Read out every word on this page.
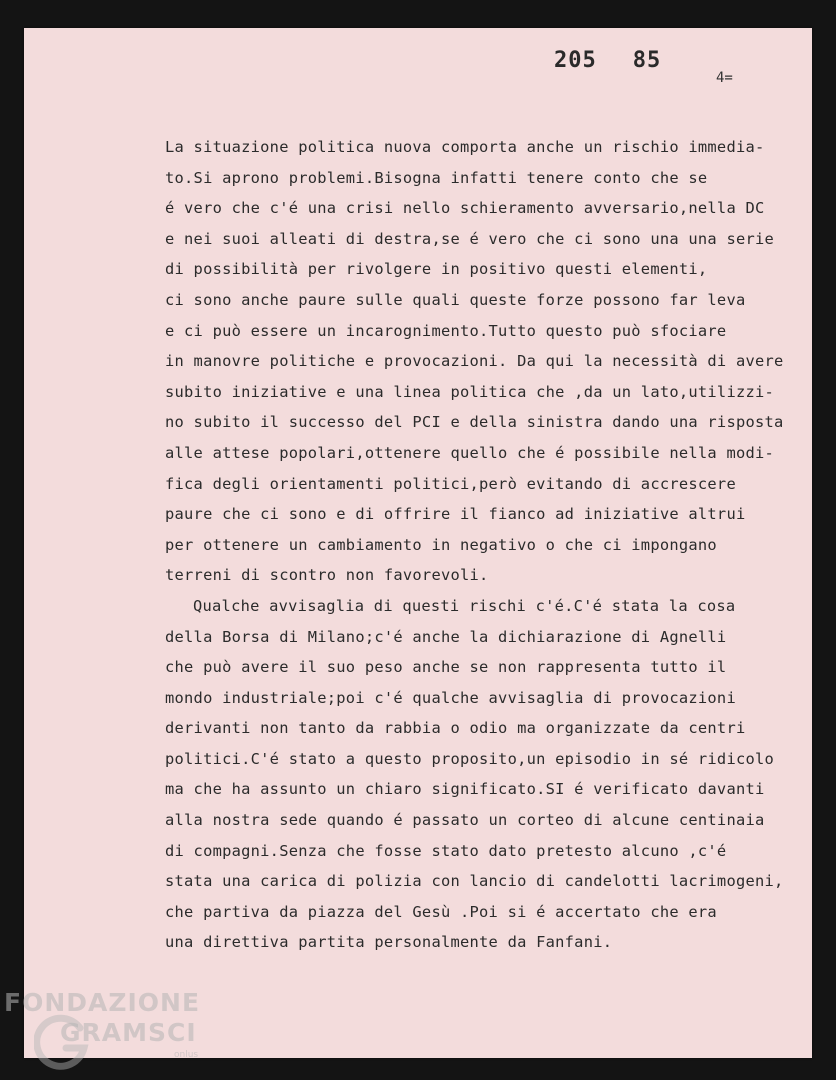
205 85
4=

La situazione politica nuova comporta anche un rischio immedia-
to.Si aprono problemi.Bisogna infatti tenere conto che se
é vero che c'é una crisi nello schieramento avversario,nella DC
e nei suoi alleati di destra,se é vero che ci sono una una serie
di possibilità per rivolgere in positivo questi elementi,
ci sono anche paure sulle quali queste forze possono far leva
e ci può essere un incarognimento.Tutto questo può sfociare
in manovre politiche e provocazioni. Da qui la necessità di avere
subito iniziative e una linea politica che ,da un lato,utilizzi-
no subito il successo del PCI e della sinistra dando una risposta
alle attese popolari,ottenere quello che é possibile nella modi-
fica degli orientamenti politici,però evitando di accrescere
paure che ci sono e di offrire il fianco ad iniziative altrui
per ottenere un cambiamento in negativo o che ci impongano
terreni di scontro non favorevoli.
Qualche avvisaglia di questi rischi c'é.C'é stata la cosa
della Borsa di Milano;c'é anche la dichiarazione di Agnelli
che può avere il suo peso anche se non rappresenta tutto il
mondo industriale;poi c'é qualche avvisaglia di provocazioni
derivanti non tanto da rabbia o odio ma organizzate da centri
politici.C'é stato a questo proposito,un episodio in sé ridicolo
ma che ha assunto un chiaro significato.SI é verificato davanti
alla nostra sede quando é passato un corteo di alcune centinaia
di compagni.Senza che fosse stato dato pretesto alcuno ,c'é
stata una carica di polizia con lancio di candelotti lacrimogeni,
che partiva da piazza del Gesù .Poi si é accertato che era
una direttiva partita personalmente da Fanfani.
FONDAZIONE
GRAMSCI
onlus
